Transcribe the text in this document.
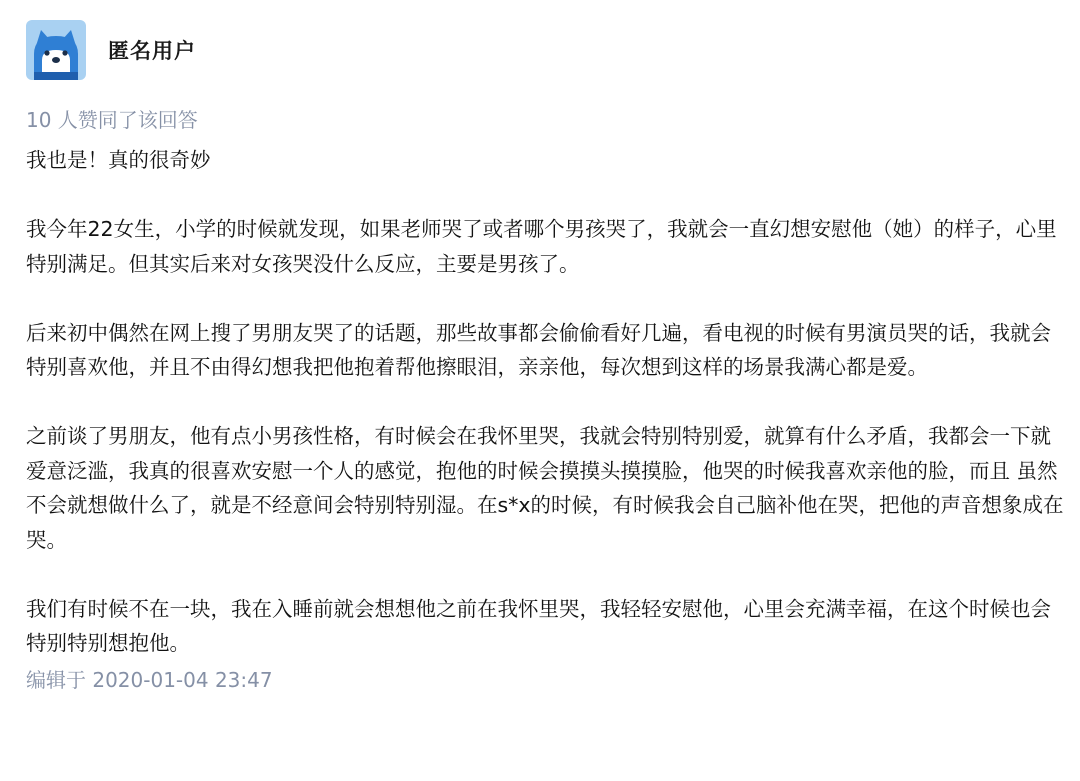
匿名用户
10 人赞同了该回答

我也是！真的很奇妙

我今年22女生，小学的时候就发现，如果老师哭了或者哪个男孩哭了，我就会一直幻想安慰他（她）的样子，心里特别满足。但其实后来对女孩哭没什么反应，主要是男孩了。

后来初中偶然在网上搜了男朋友哭了的话题，那些故事都会偷偷看好几遍，看电视的时候有男演员哭的话，我就会特别喜欢他，并且不由得幻想我把他抱着帮他擦眼泪，亲亲他，每次想到这样的场景我满心都是爱。

之前谈了男朋友，他有点小男孩性格，有时候会在我怀里哭，我就会特别特别爱，就算有什么矛盾，我都会一下就爱意泛滥，我真的很喜欢安慰一个人的感觉，抱他的时候会摸摸头摸摸脸，他哭的时候我喜欢亲他的脸，而且 虽然不会就想做什么了，就是不经意间会特别特别湿。在s*x的时候，有时候我会自己脑补他在哭，把他的声音想象成在哭。

我们有时候不在一块，我在入睡前就会想想他之前在我怀里哭，我轻轻安慰他，心里会充满幸福，在这个时候也会特别特别想抱他。

编辑于 2020-01-04 23:47
